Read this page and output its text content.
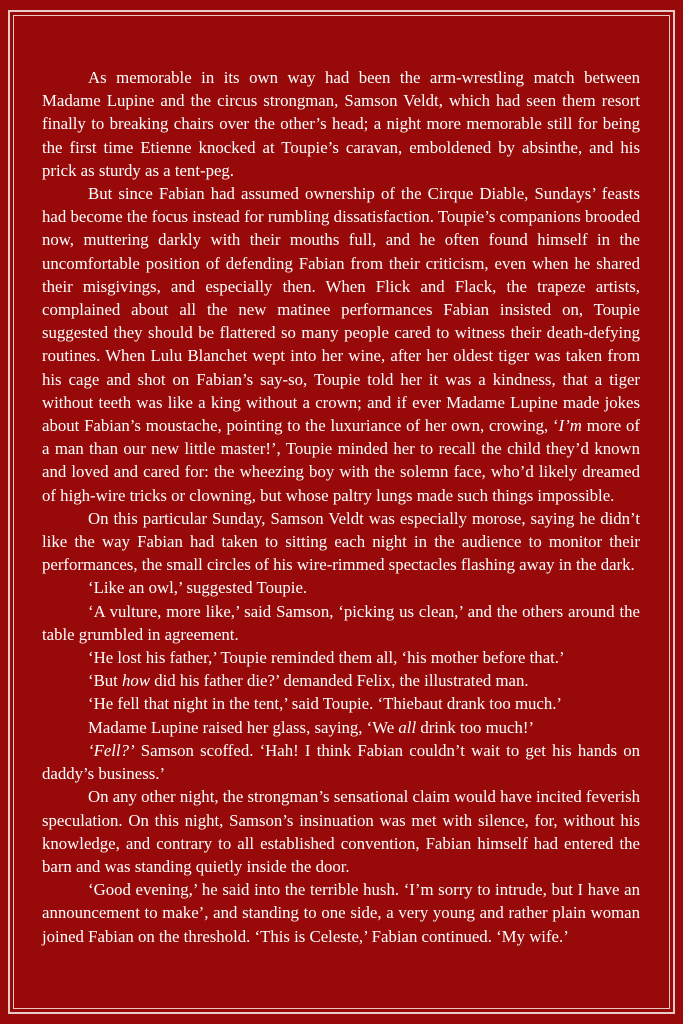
As memorable in its own way had been the arm-wrestling match between Madame Lupine and the circus strongman, Samson Veldt, which had seen them resort finally to breaking chairs over the other’s head; a night more memorable still for being the first time Etienne knocked at Toupie’s caravan, emboldened by absinthe, and his prick as sturdy as a tent-peg.

But since Fabian had assumed ownership of the Cirque Diable, Sundays’ feasts had become the focus instead for rumbling dissatisfaction. Toupie’s companions brooded now, muttering darkly with their mouths full, and he often found himself in the uncomfortable position of defending Fabian from their criticism, even when he shared their misgivings, and especially then. When Flick and Flack, the trapeze artists, complained about all the new matinee performances Fabian insisted on, Toupie suggested they should be flattered so many people cared to witness their death-defying routines. When Lulu Blanchet wept into her wine, after her oldest tiger was taken from his cage and shot on Fabian’s say-so, Toupie told her it was a kindness, that a tiger without teeth was like a king without a crown; and if ever Madame Lupine made jokes about Fabian’s moustache, pointing to the luxuriance of her own, crowing, ‘I’m more of a man than our new little master!’, Toupie minded her to recall the child they’d known and loved and cared for: the wheezing boy with the solemn face, who’d likely dreamed of high-wire tricks or clowning, but whose paltry lungs made such things impossible.

On this particular Sunday, Samson Veldt was especially morose, saying he didn’t like the way Fabian had taken to sitting each night in the audience to monitor their performances, the small circles of his wire-rimmed spectacles flashing away in the dark.

‘Like an owl,’ suggested Toupie.

‘A vulture, more like,’ said Samson, ‘picking us clean,’ and the others around the table grumbled in agreement.

‘He lost his father,’ Toupie reminded them all, ‘his mother before that.’

‘But how did his father die?’ demanded Felix, the illustrated man.

‘He fell that night in the tent,’ said Toupie. ‘Thiebaut drank too much.’

Madame Lupine raised her glass, saying, ‘We all drink too much!’

‘Fell?’ Samson scoffed. ‘Hah! I think Fabian couldn’t wait to get his hands on daddy’s business.’

On any other night, the strongman’s sensational claim would have incited feverish speculation. On this night, Samson’s insinuation was met with silence, for, without his knowledge, and contrary to all established convention, Fabian himself had entered the barn and was standing quietly inside the door.

‘Good evening,’ he said into the terrible hush. ‘I’m sorry to intrude, but I have an announcement to make’, and standing to one side, a very young and rather plain woman joined Fabian on the threshold. ‘This is Celeste,’ Fabian continued. ‘My wife.’
